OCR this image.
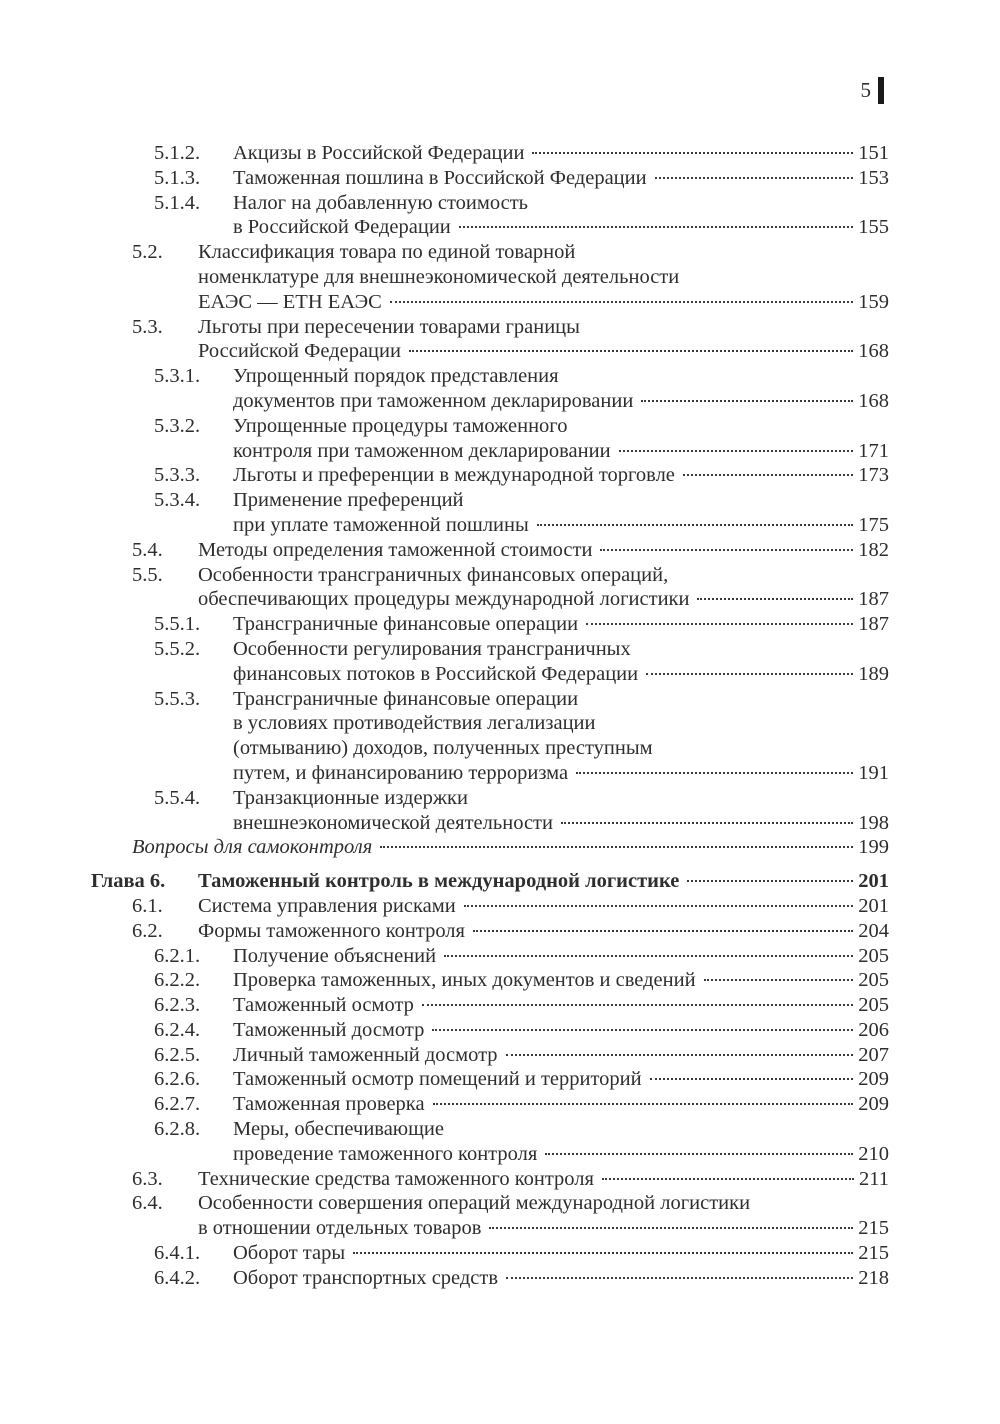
5
5.1.2. Акцизы в Российской Федерации	151
5.1.3. Таможенная пошлина в Российской Федерации	153
5.1.4. Налог на добавленную стоимость
в Российской Федерации	155
5.2. Классификация товара по единой товарной
номенклатуре для внешнеэкономической деятельности
ЕАЭС — ЕТН ЕАЭС	159
5.3. Льготы при пересечении товарами границы
Российской Федерации	168
5.3.1. Упрощенный порядок представления
документов при таможенном декларировании	168
5.3.2. Упрощенные процедуры таможенного
контроля при таможенном декларировании	171
5.3.3. Льготы и преференции в международной торговле	173
5.3.4. Применение преференций
при уплате таможенной пошлины	175
5.4. Методы определения таможенной стоимости	182
5.5. Особенности трансграничных финансовых операций,
обеспечивающих процедуры международной логистики	187
5.5.1. Трансграничные финансовые операции	187
5.5.2. Особенности регулирования трансграничных
финансовых потоков в Российской Федерации	189
5.5.3. Трансграничные финансовые операции
в условиях противодействия легализации
(отмыванию) доходов, полученных преступным
путем, и финансированию терроризма	191
5.5.4. Транзакционные издержки
внешнеэкономической деятельности	198
Вопросы для самоконтроля	199
Глава 6. Таможенный контроль в международной логистике	201
6.1. Система управления рисками	201
6.2. Формы таможенного контроля	204
6.2.1. Получение объяснений	205
6.2.2. Проверка таможенных, иных документов и сведений	205
6.2.3. Таможенный осмотр	205
6.2.4. Таможенный досмотр	206
6.2.5. Личный таможенный досмотр	207
6.2.6. Таможенный осмотр помещений и территорий	209
6.2.7. Таможенная проверка	209
6.2.8. Меры, обеспечивающие
проведение таможенного контроля	210
6.3. Технические средства таможенного контроля	211
6.4. Особенности совершения операций международной логистики
в отношении отдельных товаров	215
6.4.1. Оборот тары	215
6.4.2. Оборот транспортных средств	218
